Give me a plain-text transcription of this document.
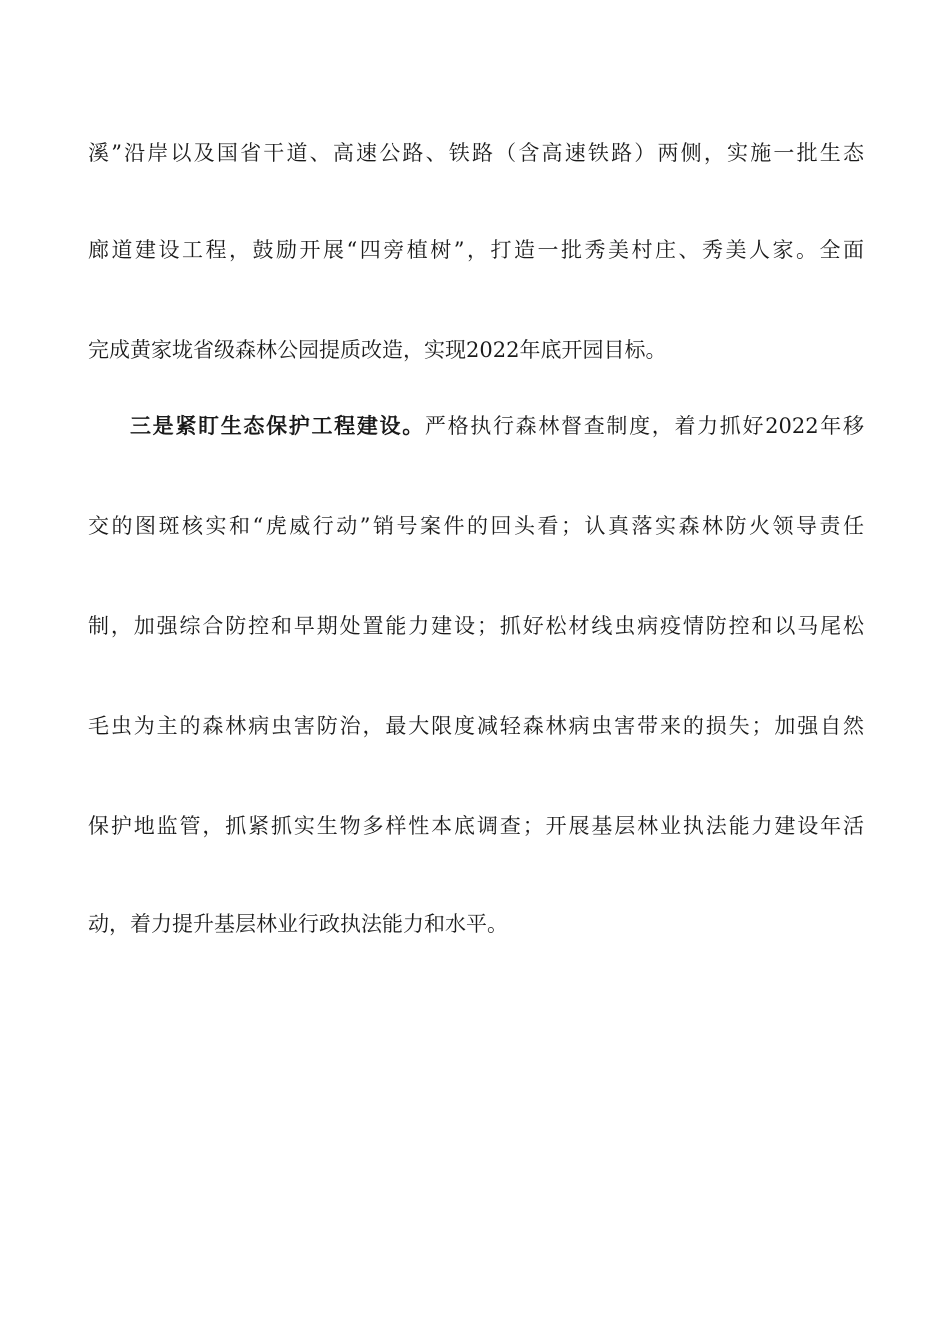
溪”沿岸以及国省干道、高速公路、铁路（含高速铁路）两侧，实施一批生态
廊道建设工程，鼓励开展“四旁植树”，打造一批秀美村庄、秀美人家。全面
完成黄家垅省级森林公园提质改造，实现2022年底开园目标。
三是紧盯生态保护工程建设。严格执行森林督查制度，着力抓好2022年移
交的图斑核实和“虎威行动”销号案件的回头看；认真落实森林防火领导责任
制，加强综合防控和早期处置能力建设；抓好松材线虫病疫情防控和以马尾松
毛虫为主的森林病虫害防治，最大限度减轻森林病虫害带来的损失；加强自然
保护地监管，抓紧抓实生物多样性本底调查；开展基层林业执法能力建设年活
动，着力提升基层林业行政执法能力和水平。
